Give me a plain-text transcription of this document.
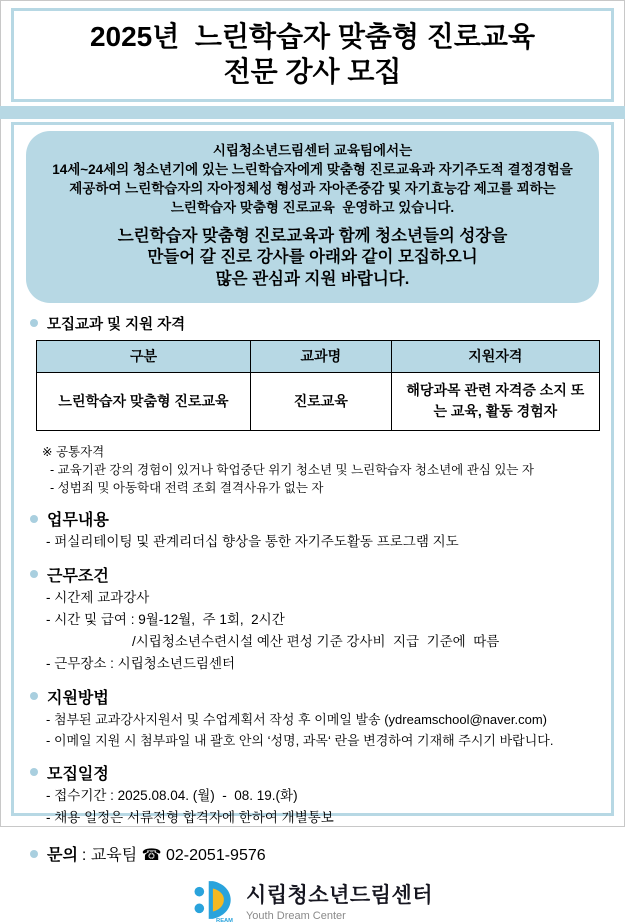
2025년  느린학습자 맞춤형 진로교육
전문 강사 모집
시립청소년드림센터 교육팀에서는
14세~24세의 청소년기에 있는 느린학습자에게 맞춤형 진로교육과 자기주도적 결정경험을
제공하여 느린학습자의 자아정체성 형성과 자아존중감 및 자기효능감 제고를 꾀하는
느린학습자 맞춤형 진로교육  운영하고 있습니다.
느린학습자 맞춤형 진로교육과 함께 청소년들의 성장을
만들어 갈 진로 강사를 아래와 같이 모집하오니
많은 관심과 지원 바랍니다.
모집교과 및 지원 자격
구분	교과명	지원자격
느린학습자 맞춤형 진로교육	진로교육	해당과목 관련 자격증 소지 또는 교육, 활동 경험자
※ 공통자격
- 교육기관 강의 경험이 있거나 학업중단 위기 청소년 및 느린학습자 청소년에 관심 있는 자
- 성범죄 및 아동학대 전력 조회 결격사유가 없는 자
업무내용
- 퍼실리테이팅 및 관계리더십 향상을 통한 자기주도활동 프로그램 지도
근무조건
- 시간제 교과강사
- 시간 및 급여 : 9월-12월,  주 1회,  2시간
/시립청소년수련시설 예산 편성 기준 강사비  지급  기준에  따름
- 근무장소 : 시립청소년드림센터
지원방법
- 첨부된 교과강사지원서 및 수업계획서 작성 후 이메일 발송 (ydreamschool@naver.com)
- 이메일 지원 시 첨부파일 내 괄호 안의 ‘성명, 과목‘ 란을 변경하여 기재해 주시기 바랍니다.
모집일정
- 접수기간 : 2025.08.04. (월)  -  08. 19.(화)
- 채용 일정은 서류전형 합격자에 한하여 개별통보
문의 : 교육팀 ☎ 02-2051-9576
REAM
시립청소년드림센터
Youth Dream Center
